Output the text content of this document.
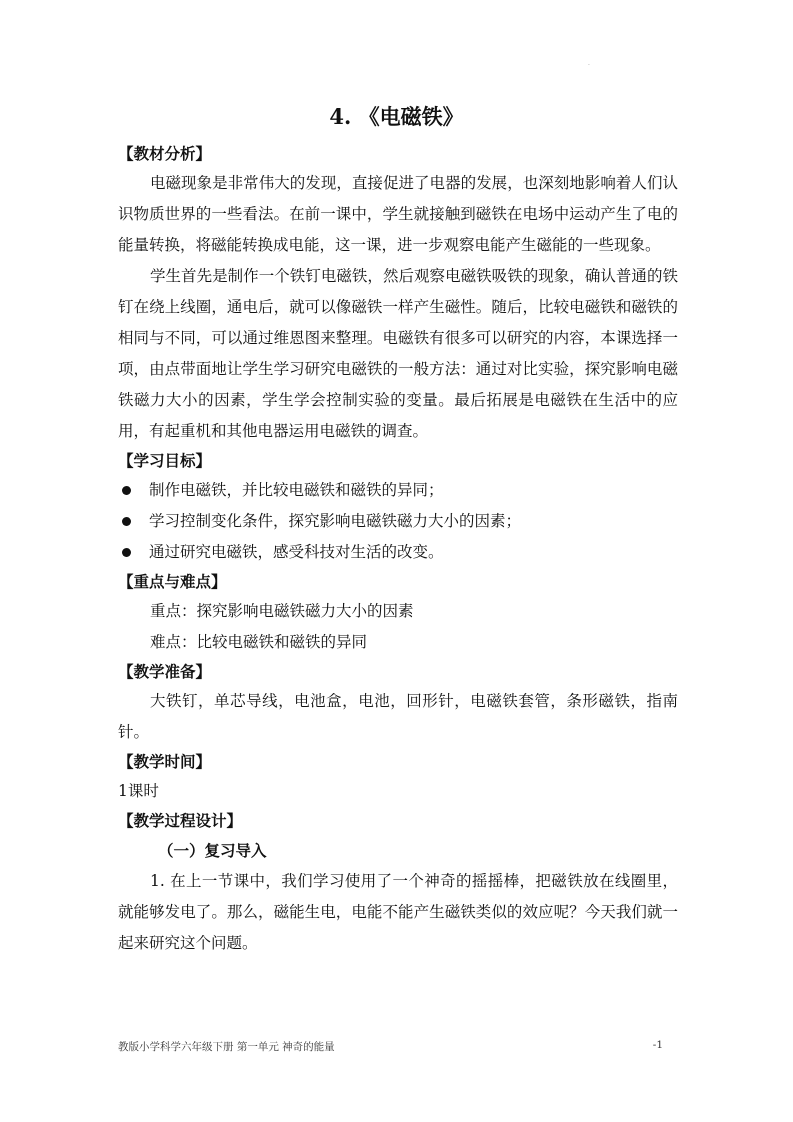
·
4. 《电磁铁》

【教材分析】

电磁现象是非常伟大的发现，直接促进了电器的发展，也深刻地影响着人们认识物质世界的一些看法。在前一课中，学生就接触到磁铁在电场中运动产生了电的能量转换，将磁能转换成电能，这一课，进一步观察电能产生磁能的一些现象。

学生首先是制作一个铁钉电磁铁，然后观察电磁铁吸铁的现象，确认普通的铁钉在绕上线圈，通电后，就可以像磁铁一样产生磁性。随后，比较电磁铁和磁铁的相同与不同，可以通过维恩图来整理。电磁铁有很多可以研究的内容，本课选择一项，由点带面地让学生学习研究电磁铁的一般方法：通过对比实验，探究影响电磁铁磁力大小的因素，学生学会控制实验的变量。最后拓展是电磁铁在生活中的应用，有起重机和其他电器运用电磁铁的调查。

【学习目标】

制作电磁铁，并比较电磁铁和磁铁的异同；
学习控制变化条件，探究影响电磁铁磁力大小的因素；
通过研究电磁铁，感受科技对生活的改变。

【重点与难点】

重点：探究影响电磁铁磁力大小的因素

难点：比较电磁铁和磁铁的异同

【教学准备】

大铁钉，单芯导线，电池盒，电池，回形针，电磁铁套管，条形磁铁，指南针。

【教学时间】

1课时

【教学过程设计】

（一）复习导入

1. 在上一节课中，我们学习使用了一个神奇的摇摇棒，把磁铁放在线圈里，就能够发电了。那么，磁能生电，电能不能产生磁铁类似的效应呢？今天我们就一起来研究这个问题。

教版小学科学六年级下册 第一单元 神奇的能量	-1
